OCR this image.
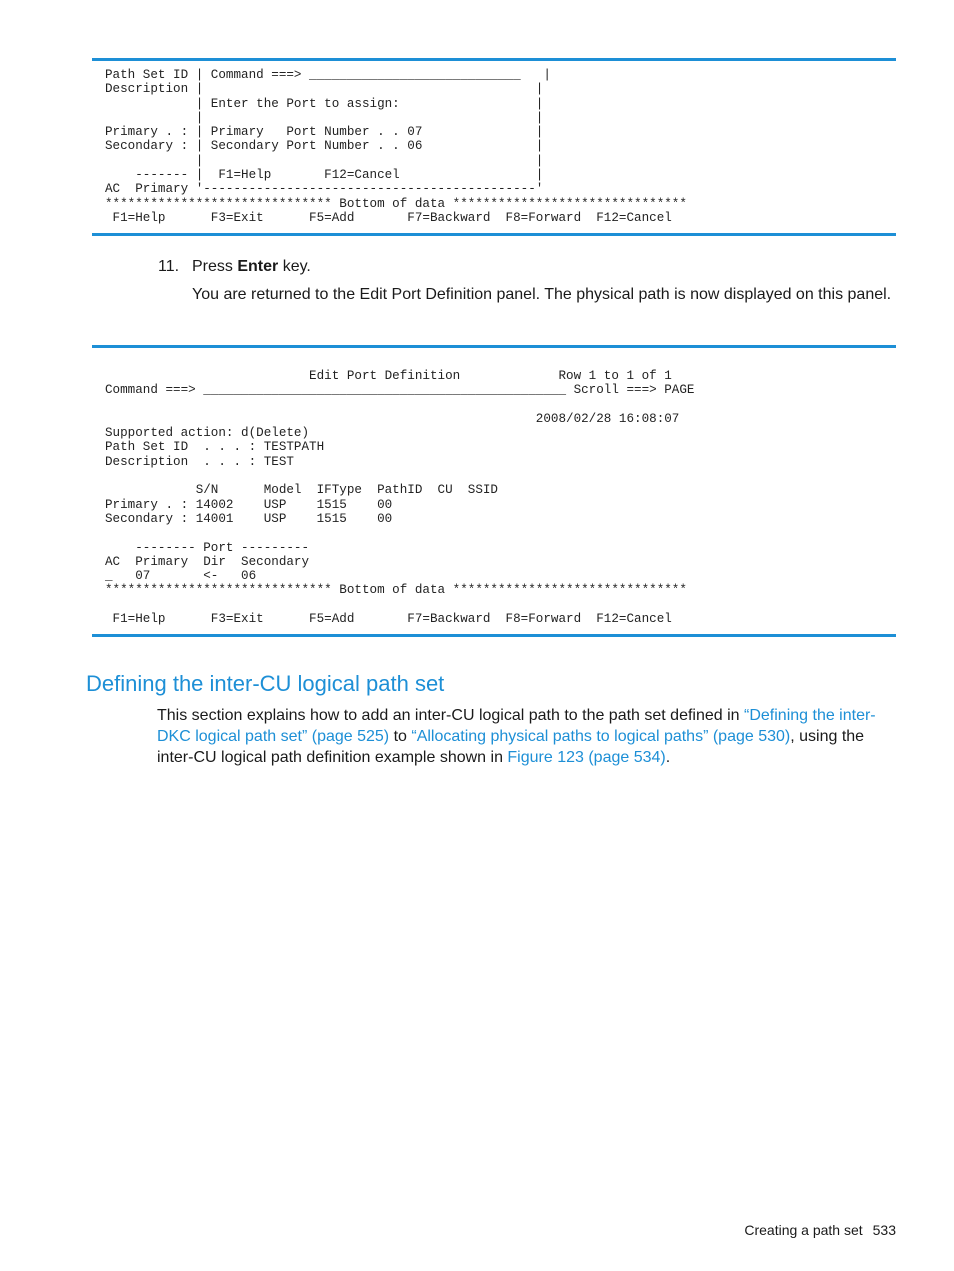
Path Set ID | Command ===> ____________________________   |
Description |                                            |
| Enter the Port to assign:                  |
|                                            |
Primary . : | Primary   Port Number . . 07               |
Secondary : | Secondary Port Number . . 06               |
|                                            |
------- |  F1=Help       F12=Cancel                  |
AC  Primary '--------------------------------------------'
****************************** Bottom of data *******************************
F1=Help      F3=Exit      F5=Add       F7=Backward  F8=Forward  F12=Cancel
11. Press Enter key.
You are returned to the Edit Port Definition panel. The physical path is now displayed on this panel.
Edit Port Definition             Row 1 to 1 of 1
Command ===> ________________________________________________ Scroll ===> PAGE

2008/02/28 16:08:07
Supported action: d(Delete)
Path Set ID  . . . : TESTPATH
Description  . . . : TEST

S/N      Model  IFType  PathID  CU  SSID
Primary . : 14002    USP    1515    00
Secondary : 14001    USP    1515    00

-------- Port ---------
AC  Primary  Dir  Secondary
_   07       <-   06
****************************** Bottom of data *******************************

F1=Help      F3=Exit      F5=Add       F7=Backward  F8=Forward  F12=Cancel
Defining the inter-CU logical path set
This section explains how to add an inter-CU logical path to the path set defined in “Defining the inter-DKC logical path set” (page 525) to “Allocating physical paths to logical paths” (page 530), using the inter-CU logical path definition example shown in Figure 123 (page 534).
Creating a path set 533
